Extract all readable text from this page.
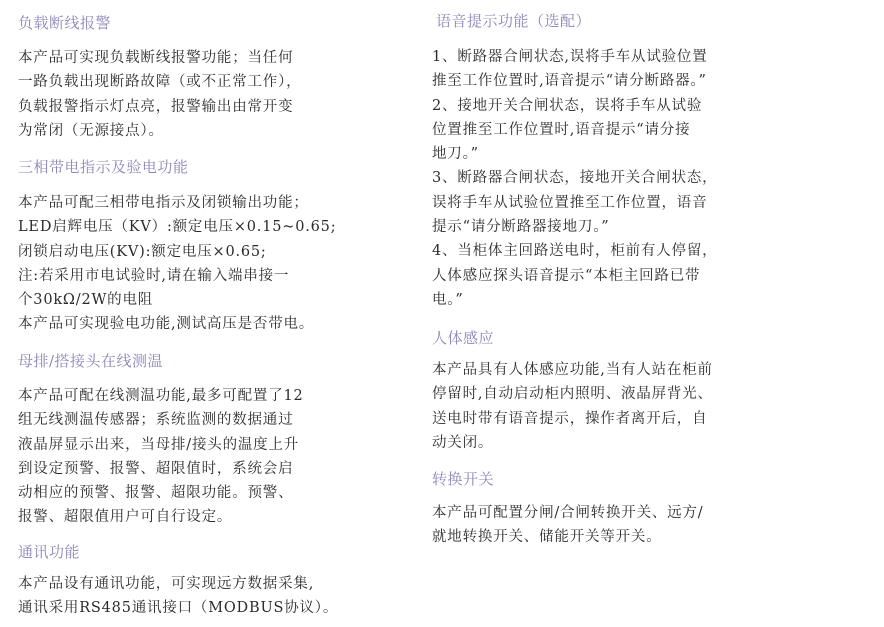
负载断线报警
本产品可实现负载断线报警功能；当任何
一路负载出现断路故障（或不正常工作），
负载报警指示灯点亮，报警输出由常开变
为常闭（无源接点）。
三相带电指示及验电功能
本产品可配三相带电指示及闭锁输出功能；
LED启辉电压（KV）:额定电压×0.15~0.65;
闭锁启动电压(KV):额定电压×0.65;
注:若采用市电试验时,请在输入端串接一
个30kΩ/2W的电阻
本产品可实现验电功能,测试高压是否带电。
母排/搭接头在线测温
本产品可配在线测温功能,最多可配置了12
组无线测温传感器；系统监测的数据通过
液晶屏显示出来，当母排/接头的温度上升
到设定预警、报警、超限值时，系统会启
动相应的预警、报警、超限功能。预警、
报警、超限值用户可自行设定。
通讯功能
本产品设有通讯功能，可实现远方数据采集,
通讯采用RS485通讯接口（MODBUS协议）。
语音提示功能（选配）
1、断路器合闸状态,误将手车从试验位置
推至工作位置时,语音提示“请分断路器。”
2、接地开关合闸状态，误将手车从试验
位置推至工作位置时,语音提示“请分接
地刀。”
3、断路器合闸状态，接地开关合闸状态，
误将手车从试验位置推至工作位置，语音
提示“请分断路器接地刀。”
4、当柜体主回路送电时，柜前有人停留，
人体感应探头语音提示“本柜主回路已带
电。”
人体感应
本产品具有人体感应功能,当有人站在柜前
停留时,自动启动柜内照明、液晶屏背光、
送电时带有语音提示，操作者离开后，自
动关闭。
转换开关
本产品可配置分闸/合闸转换开关、远方/
就地转换开关、储能开关等开关。
